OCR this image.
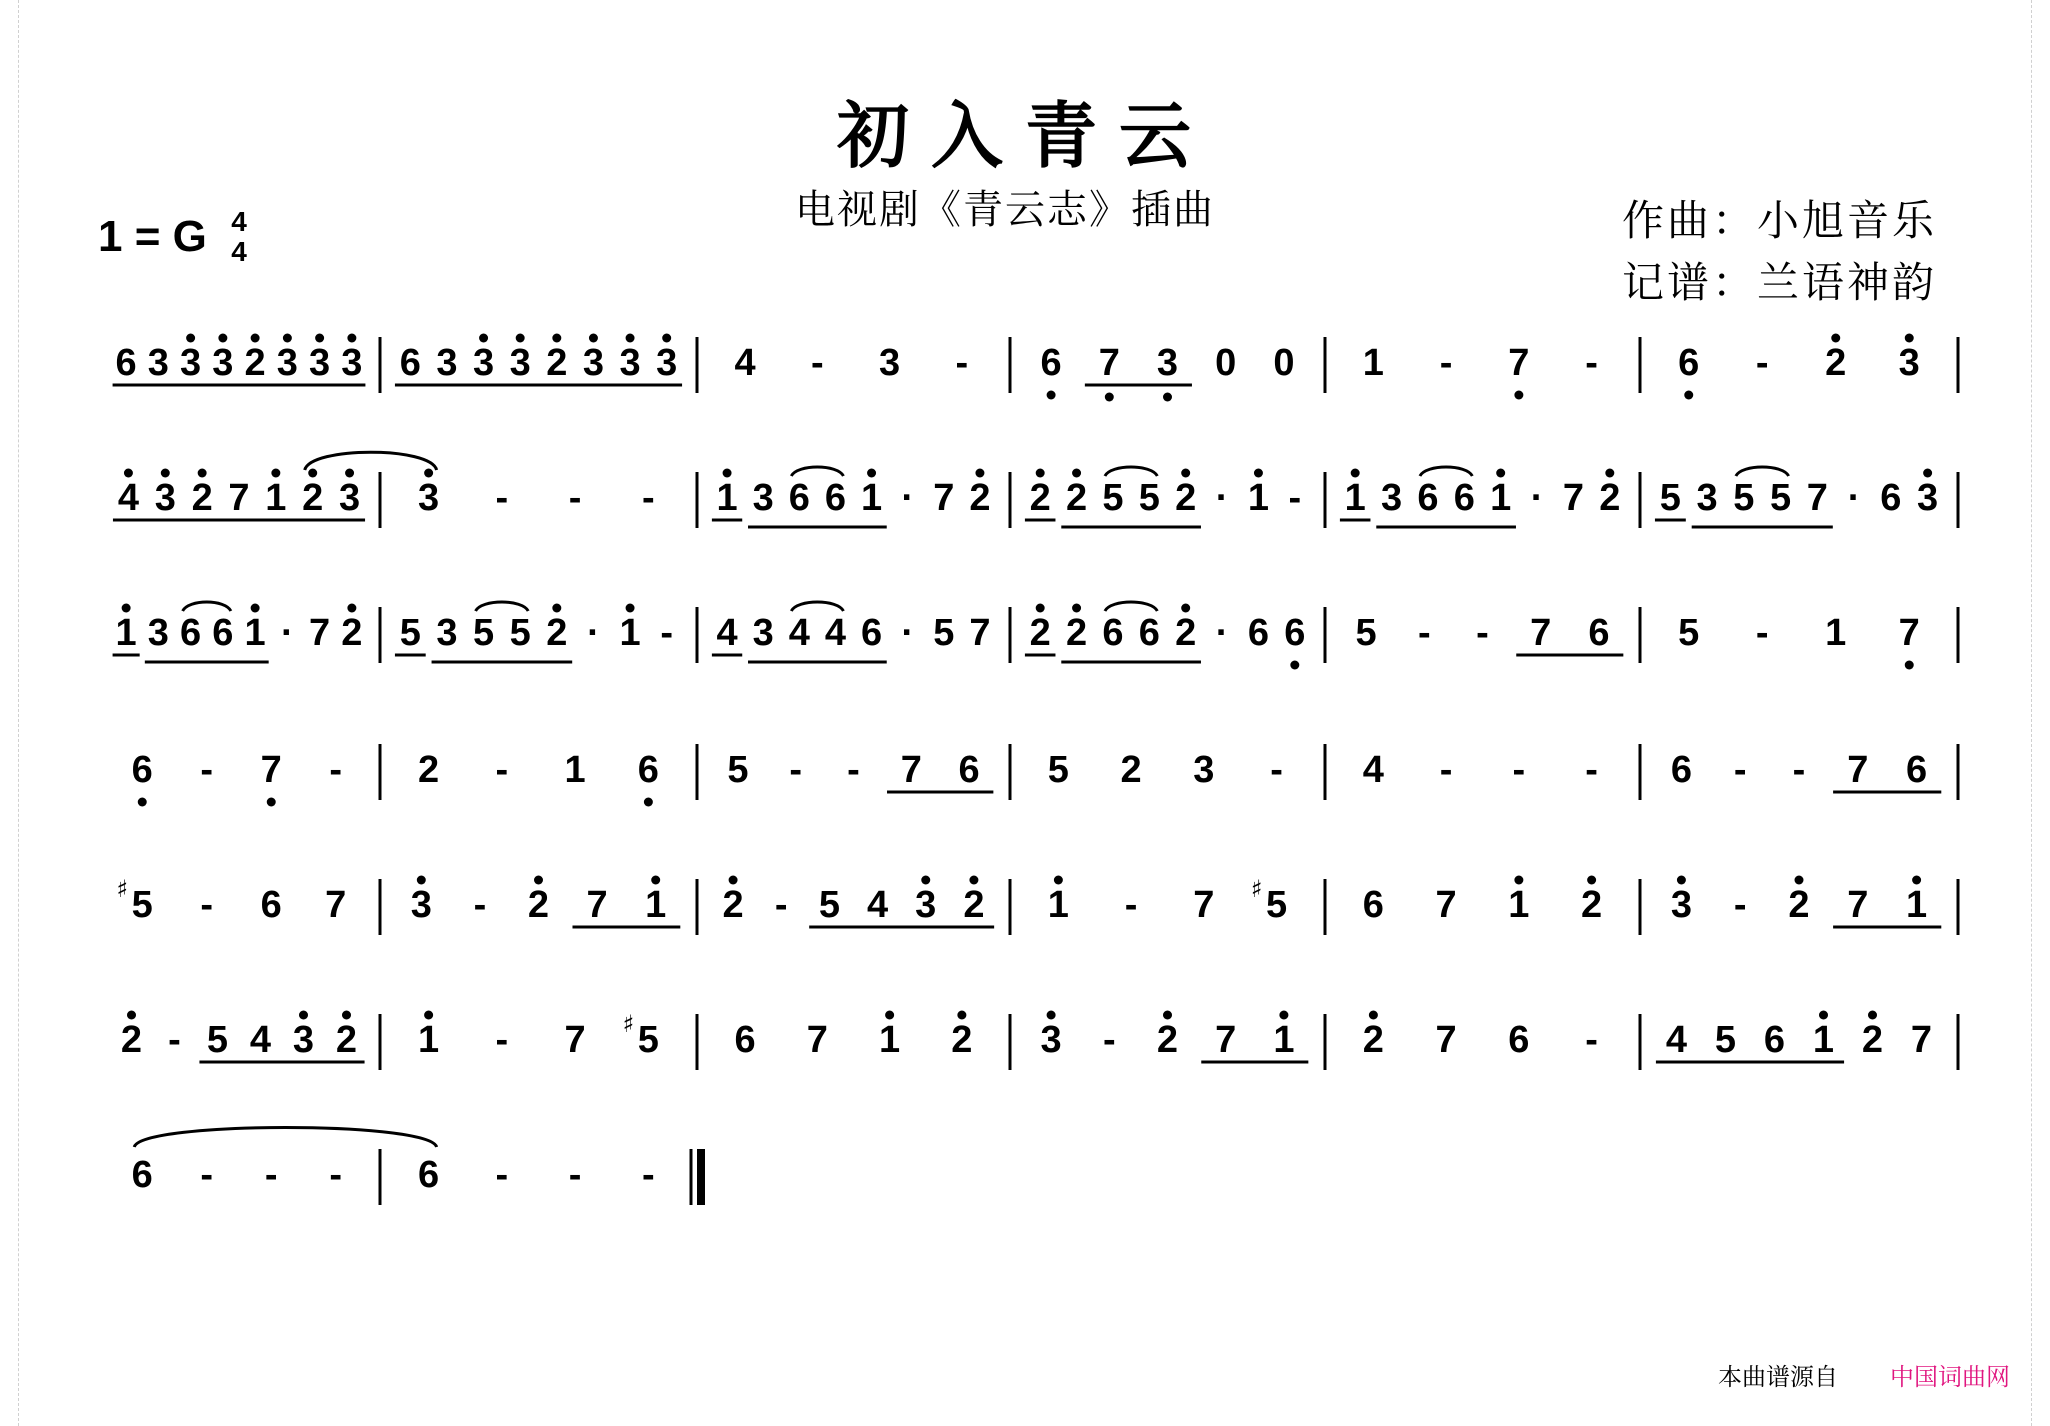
初入青云
电视剧《青云志》插曲	作曲：小旭音乐
记谱：兰语神韵
1 = G 4
4
6 3 3 3 2 3 3 3 6 3 3 3 2 3 3 3 4 - 3 - 6 7 3 0 0 1 - 7 - 6 - 2 3
4 3 2 7 1 2 3 3 - - - 1 3 6 6 1 · 7 2 2 2 5 5 2 · 1 - 1 3 6 6 1 · 7 2 5 3 5 5 7 · 6 3
1 3 6 6 1 · 7 2 5 3 5 5 2 · 1 - 4 3 4 4 6 · 5 7 2 2 6 6 2 · 6 6 5 - - 7 6 5 - 1 7
6 - 7 - 2 - 1 6 5 - - 7 6 5 2 3 - 4 - - - 6 - - 7 6
5
♯ - 6 7 3 - 2 7 1 2 - 5 4 3 2 1 - 7 5
♯	6 7 1 2 3 - 2 7 1
2 - 5 4 3 2 1 - 7 5
♯	6 7 1 2 3 - 2 7 1 2 7 6 - 4 5 6 1 2 7
6 - - - 6 - - -
本曲谱源自 中国词曲网
